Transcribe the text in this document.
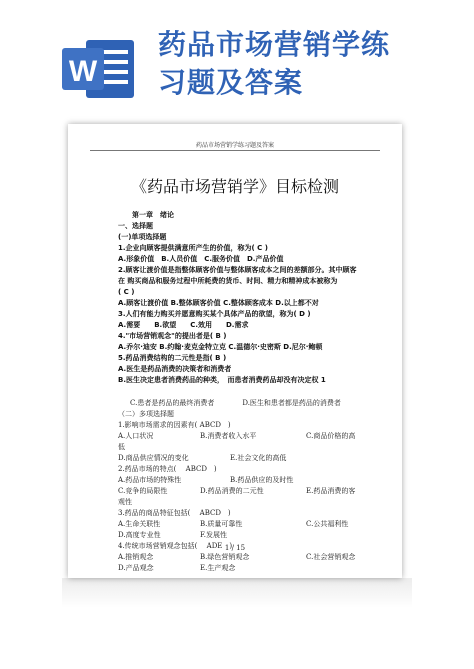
W
药品市场营销学练
习题及答案
药品市场营销学练习题及答案
《药品市场营销学》目标检测
第一章　绪论
一、选择题
(一)单项选择题
1.企业向顾客提供满意所产生的价值，称为( C )
A.形象价值　B.人员价值　C.服务价值　D.产品价值
2.顾客让渡价值是指整体顾客价值与整体顾客成本之间的差额部分。其中顾客
在 购买商品和服务过程中所耗费的货币、时间、精力和精神成本被称为
( C )
A.顾客让渡价值 B.整体顾客价值 C.整体顾客成本 D.以上都不对
3.人们有能力购买并愿意购买某个具体产品的欲望，称为( D )
A.需要　　B.欲望　　C.效用　　D.需求
4."市场营销观念"的提出者是( B )
A.乔尔·迪安 B.约翰·麦克金特立克 C.温德尔·史密斯 D.尼尔·鲍顿
5.药品消费结构的二元性是指( B )
A.医生是药品消费的决策者和消费者
B.医生决定患者消费药品的种类，　而患者消费药品却没有决定权 1
C.患者是药品的最终消费者　　　　D.医生和患者都是药品的消费者
（二）多项选择题
1.影响市场需求的因素有( ABCD　)
A.人口状况	B.消费者收入水平	C.商品价格的高
低
D.商品供应情况的变化	E.社会文化的高低
2.药品市场的特点( 　ABCD　)
A.药品市场的特殊性	B.药品供应的及时性
C.竞争的局限性	D.药品消费的二元性	E.药品消费的客
观性
3.药品的商品特征包括( 　ABCD　)
A.生命关联性	B.质量可靠性	C.公共福利性
D.高度专业性	F.发展性
4.传统市场营销观念包括( 　ADE　)
A.推销观念	B.绿色营销观念	C.社会营销观念
D.产品观念	E.生产观念
1 / 15
